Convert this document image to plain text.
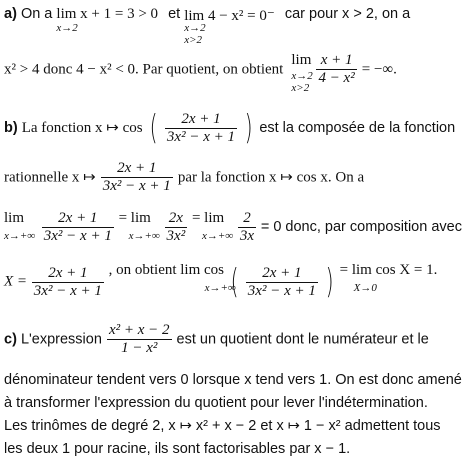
a) On a lim x + 1 = 3 > 0
x→2
et lim 4 − x² = 0⁻
x→2
x>2
car pour x > 2, on a
x² > 4 donc 4 − x² < 0. Par quotient, on obtient lim
x→2
x>2

$\frac{x + 1}{\text{4 − x²}}$ = −∞.
b) La fonction x ↦ cos ( $\frac{2x + 1}{\text{3x² − x + 1}}$ ) est la composée de la fonction
rationnelle x ↦ $\frac{2x + 1}{\text{3x² − x + 1}}$ par la fonction x ↦ cos x. On a
lim
x→+∞
$\frac{2x + 1}{\text{3x² − x + 1}} = \lim$
x→+∞
$\frac{2x}{\text{3x²}} = \lim$
x→+∞
$\frac{2}{3x} = 0$ donc, par composition avec
$X = \frac{2x + 1}{\text{3x² − x + 1}}$ , on obtient lim cos
x→+∞
( $\frac{2x + 1}{\text{3x² − x + 1}}$ ) = lim cos X = 1.
X→0
c) L'expression $\frac{\text{x² + x − 2}}{\text{1 − x²}}$ est un quotient dont le numérateur et le
dénominateur tendent vers 0 lorsque x tend vers 1. On est donc amené
à transformer l'expression du quotient pour lever l'indétermination.
Les trinômes de degré 2, x ↦ x² + x − 2 et x ↦ 1 − x² admettent tous
les deux 1 pour racine, ils sont factorisables par x − 1.
